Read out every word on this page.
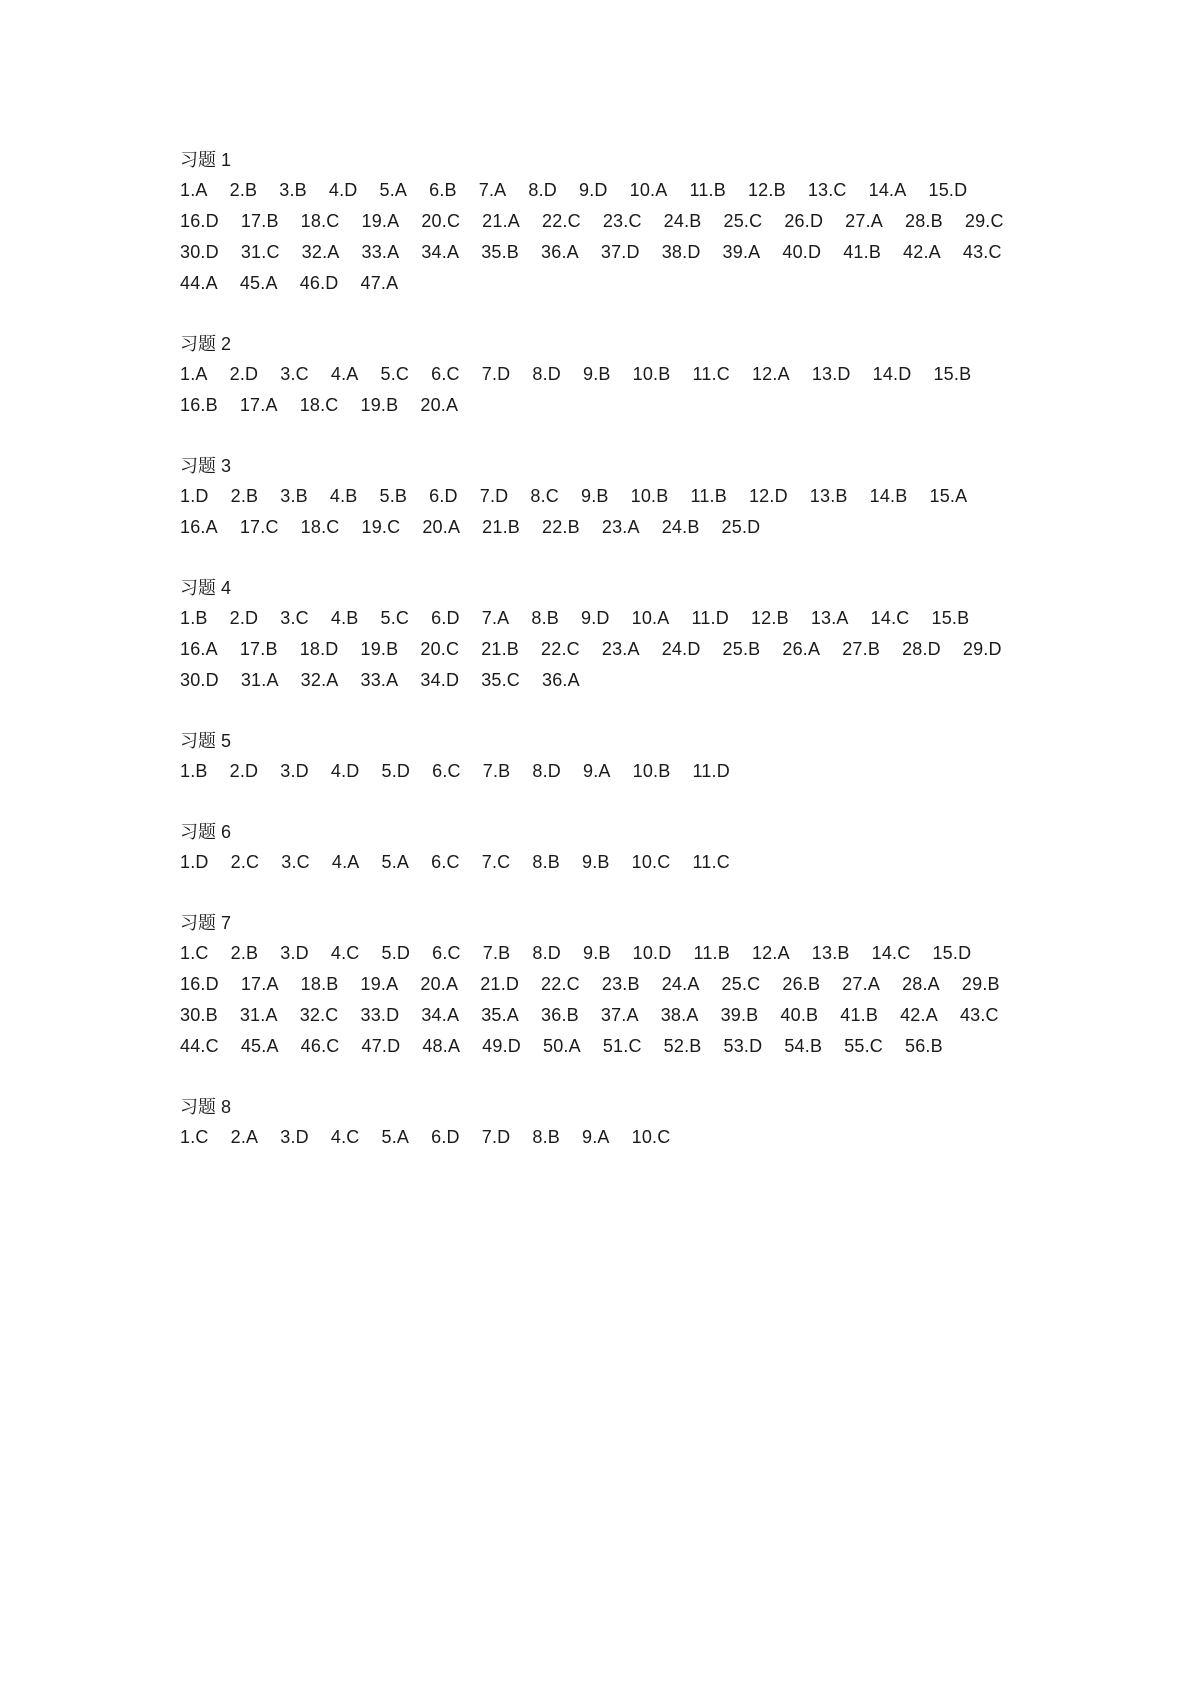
习题 1
1.A 2.B 3.B 4.D 5.A 6.B 7.A 8.D 9.D 10.A 11.B 12.B 13.C 14.A 15.D
16.D 17.B 18.C 19.A 20.C 21.A 22.C 23.C 24.B 25.C 26.D 27.A 28.B 29.C
30.D 31.C 32.A 33.A 34.A 35.B 36.A 37.D 38.D 39.A 40.D 41.B 42.A 43.C
44.A 45.A 46.D 47.A
习题 2
1.A 2.D 3.C 4.A 5.C 6.C 7.D 8.D 9.B 10.B 11.C 12.A 13.D 14.D 15.B
16.B 17.A 18.C 19.B 20.A
习题 3
1.D 2.B 3.B 4.B 5.B 6.D 7.D 8.C 9.B 10.B 11.B 12.D 13.B 14.B 15.A
16.A 17.C 18.C 19.C 20.A 21.B 22.B 23.A 24.B 25.D
习题 4
1.B 2.D 3.C 4.B 5.C 6.D 7.A 8.B 9.D 10.A 11.D 12.B 13.A 14.C 15.B
16.A 17.B 18.D 19.B 20.C 21.B 22.C 23.A 24.D 25.B 26.A 27.B 28.D 29.D
30.D 31.A 32.A 33.A 34.D 35.C 36.A
习题 5
1.B 2.D 3.D 4.D 5.D 6.C 7.B 8.D 9.A 10.B 11.D
习题 6
1.D 2.C 3.C 4.A 5.A 6.C 7.C 8.B 9.B 10.C 11.C
习题 7
1.C 2.B 3.D 4.C 5.D 6.C 7.B 8.D 9.B 10.D 11.B 12.A 13.B 14.C 15.D
16.D 17.A 18.B 19.A 20.A 21.D 22.C 23.B 24.A 25.C 26.B 27.A 28.A 29.B
30.B 31.A 32.C 33.D 34.A 35.A 36.B 37.A 38.A 39.B 40.B 41.B 42.A 43.C
44.C 45.A 46.C 47.D 48.A 49.D 50.A 51.C 52.B 53.D 54.B 55.C 56.B
习题 8
1.C 2.A 3.D 4.C 5.A 6.D 7.D 8.B 9.A 10.C
